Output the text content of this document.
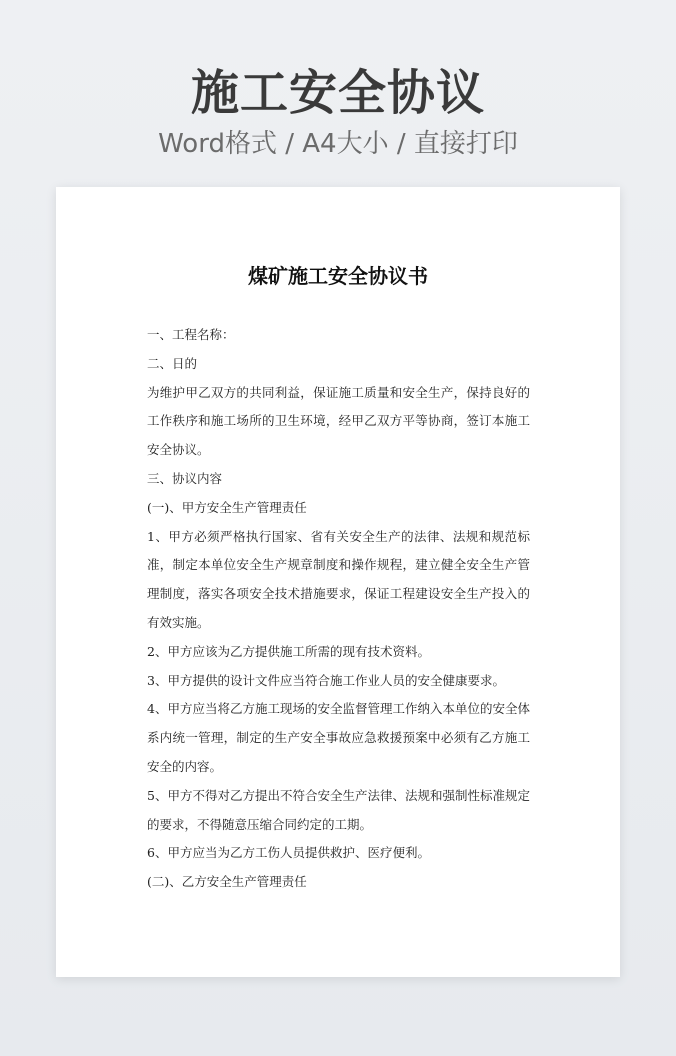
施工安全协议
Word格式 / A4大小 / 直接打印
煤矿施工安全协议书

一、工程名称：

二、日的

为维护甲乙双方的共同利益，保证施工质量和安全生产，保持良好的工作秩序和施工场所的卫生环境，经甲乙双方平等协商，签订本施工安全协议。

三、协议内容

(一)、甲方安全生产管理责任

1、甲方必须严格执行国家、省有关安全生产的法律、法规和规范标准，制定本单位安全生产规章制度和操作规程，建立健全安全生产管理制度，落实各项安全技术措施要求，保证工程建设安全生产投入的有效实施。

2、甲方应该为乙方提供施工所需的现有技术资料。

3、甲方提供的设计文件应当符合施工作业人员的安全健康要求。

4、甲方应当将乙方施工现场的安全监督管理工作纳入本单位的安全体系内统一管理，制定的生产安全事故应急救援预案中必须有乙方施工安全的内容。

5、甲方不得对乙方提出不符合安全生产法律、法规和强制性标准规定的要求，不得随意压缩合同约定的工期。

6、甲方应当为乙方工伤人员提供救护、医疗便利。

(二)、乙方安全生产管理责任
